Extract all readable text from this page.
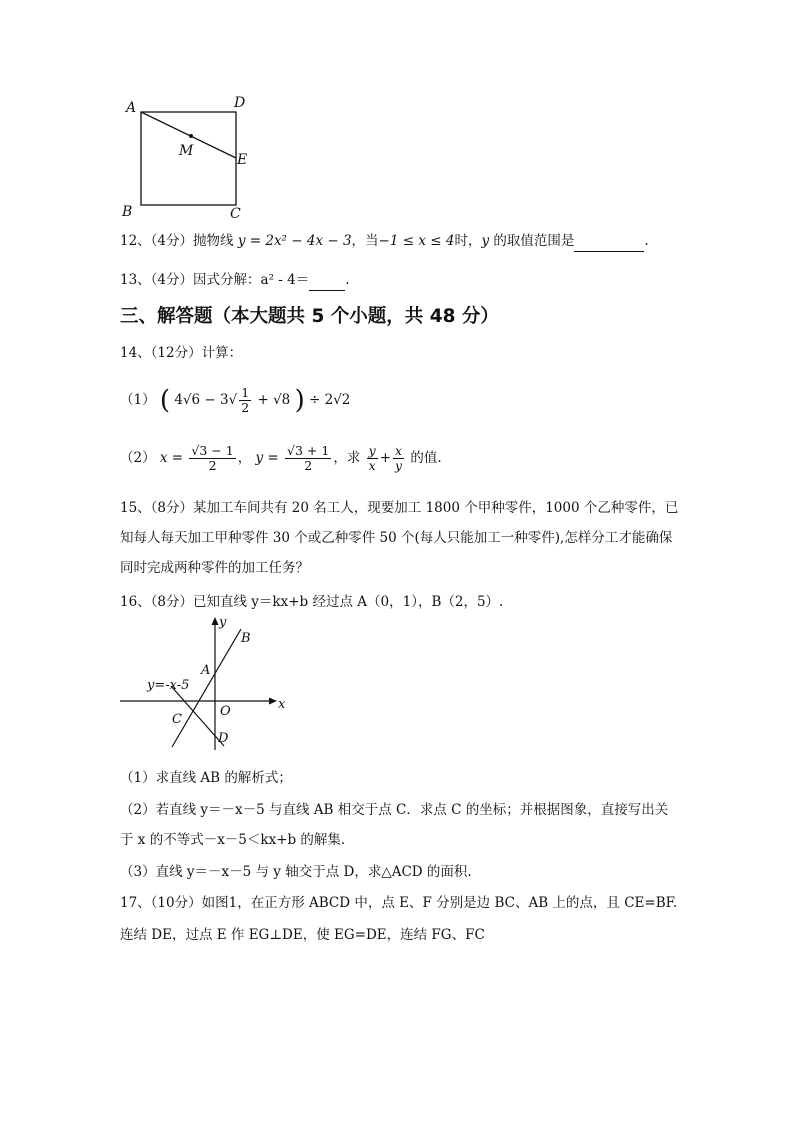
A	D
M
E
B	C
12、（4分）抛物线 y = 2x² − 4x − 3，当−1 ≤ x ≤ 4时，y 的取值范围是	.
13、（4分）因式分解：a² - 4＝	.
三、解答题（本大题共 5 个小题，共 48 分）
14、（12分）计算：
（1） ( $4√6 - 3√ \frac{1}{2} + √8$ ) ÷ 2√2
（2） $x = \frac{√3 - 1}{2}$ ， $y = \frac{√3 + 1}{2}$ ，求 $\frac{y}{x} + \frac{x}{y}$ 的值.
15、（8分）某加工车间共有 20 名工人，现要加工 1800 个甲种零件，1000 个乙种零件，已
知每人每天加工甲种零件 30 个或乙种零件 50 个(每人只能加工一种零件),怎样分工才能确保
同时完成两种零件的加工任务？
16、（8分）已知直线 y＝kx+b 经过点 A（0，1），B（2，5）.
y
B
A
y=-x-5
x
C
O
D
（1）求直线 AB 的解析式；
（2）若直线 y＝－x－5 与直线 AB 相交于点 C．求点 C 的坐标；并根据图象，直接写出关
于 x 的不等式－x－5＜kx+b 的解集．
（3）直线 y＝－x－5 与 y 轴交于点 D，求△ACD 的面积.
17、（10分）如图1，在正方形 ABCD 中，点 E、F 分别是边 BC、AB 上的点，且 CE=BF.
连结 DE，过点 E 作 EG⊥DE，使 EG=DE，连结 FG、FC
